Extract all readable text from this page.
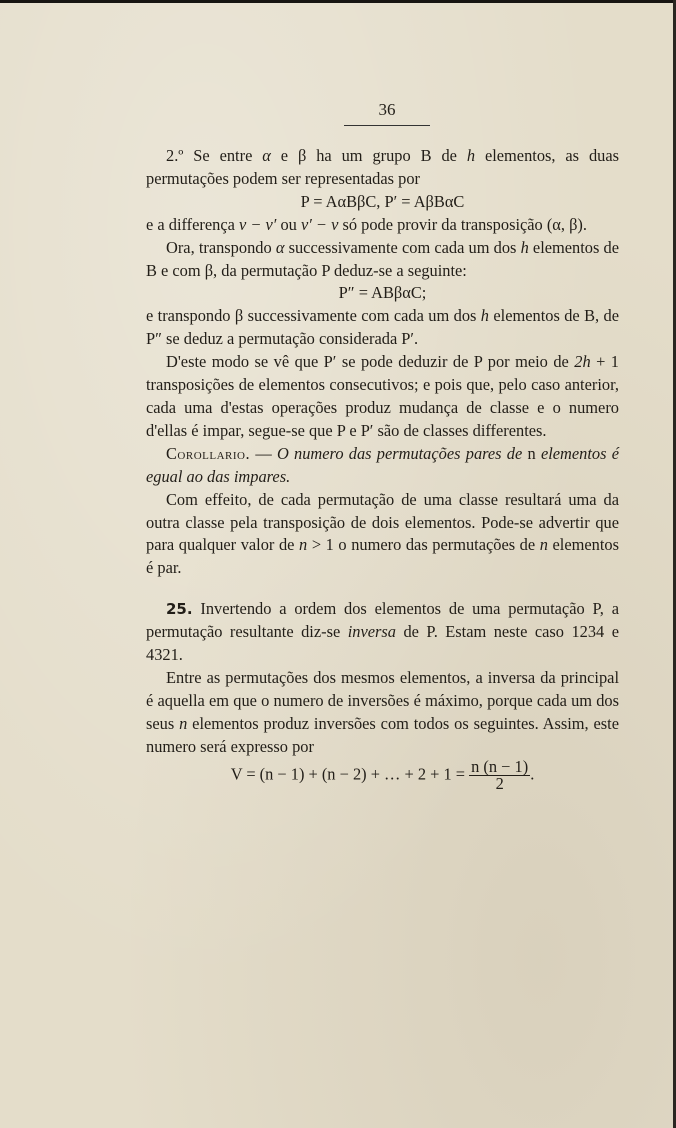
36

2.º Se entre α e β ha um grupo B de h elementos, as duas permutações podem ser representadas por

P = AαBβC, P′ = AβBαC

e a differença v − v′ ou v′ − v só pode provir da transposição (α, β).

Ora, transpondo α successivamente com cada um dos h elementos de B e com β, da permutação P deduz-se a seguinte:

P″ = ABβαC;

e transpondo β successivamente com cada um dos h elementos de B, de P″ se deduz a permutação considerada P′.

D'este modo se vê que P′ se pode deduzir de P por meio de 2h + 1 transposições de elementos consecutivos; e pois que, pelo caso anterior, cada uma d'estas operações produz mudança de classe e o numero d'ellas é impar, segue-se que P e P′ são de classes differentes.

Corollario. — O numero das permutações pares de n elementos é egual ao das impares.

Com effeito, de cada permutação de uma classe resultará uma da outra classe pela transposição de dois elementos. Pode-se advertir que para qualquer valor de n > 1 o numero das permutações de n elementos é par.

25. Invertendo a ordem dos elementos de uma permutação P, a permutação resultante diz-se inversa de P. Estam neste caso 1234 e 4321.

Entre as permutações dos mesmos elementos, a inversa da principal é aquella em que o numero de inversões é máximo, porque cada um dos seus n elementos produz inversões com todos os seguintes. Assim, este numero será expresso por

V = (n − 1) + (n − 2) + … + $2 + 1 = \frac{n (n - 1)}{2}$ .
